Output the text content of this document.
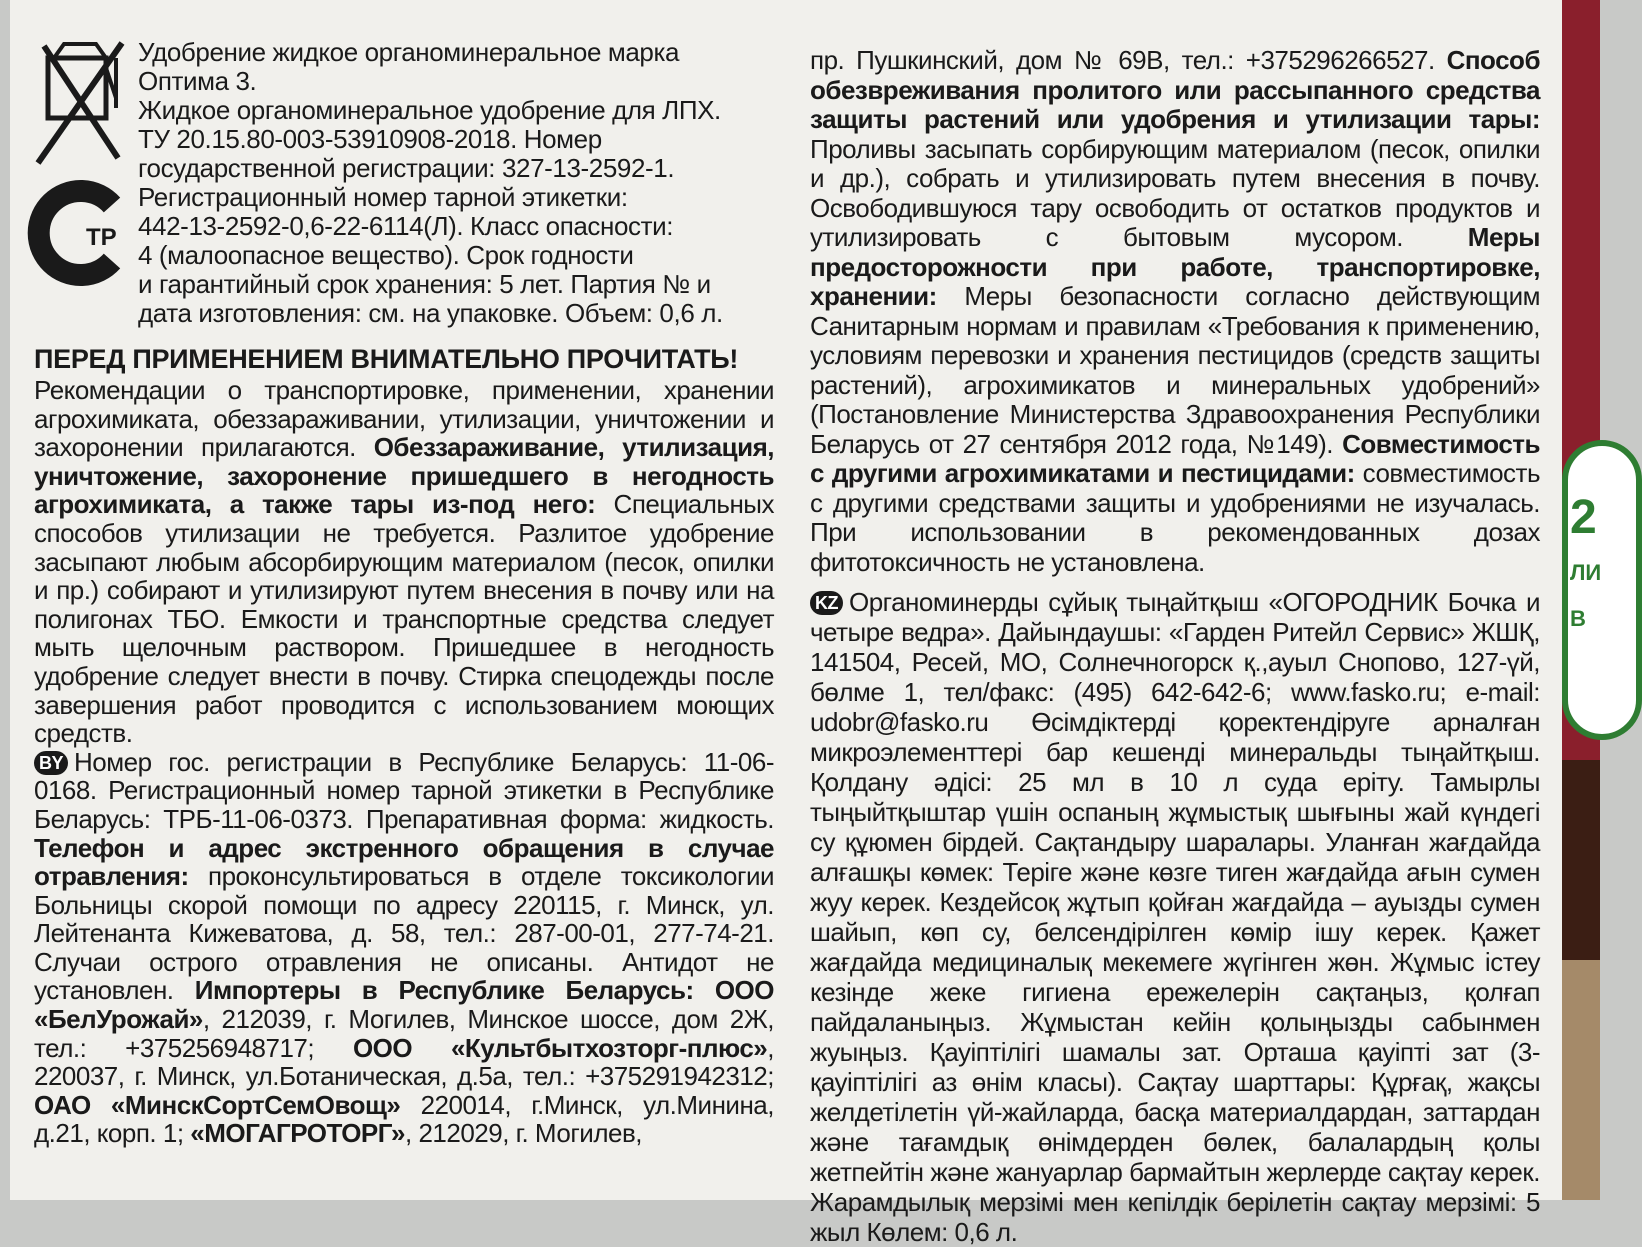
ТР

Удобрение жидкое органоминеральное марка Оптима 3.

Жидкое органоминеральное удобрение для ЛПХ.

ТУ 20.15.80-003-53910908-2018. Номер

государственной регистрации: 327-13-2592-1.

Регистрационный номер тарной этикетки:

442-13-2592-0,6-22-6114(Л). Класс опасности:

4 (малоопасное вещество). Срок годности

и гарантийный срок хранения: 5 лет. Партия № и

дата изготовления: см. на упаковке. Объем: 0,6 л.

ПЕРЕД ПРИМЕНЕНИЕМ ВНИМАТЕЛЬНО ПРОЧИТАТЬ!

Рекомендации о транспортировке, применении, хранении агрохимиката, обеззараживании, утилизации, уничтожении и захоронении прилагаются. Обеззараживание, утилизация, уничтожение, захоронение пришедшего в негодность агрохимиката, а также тары из-под него: Специальных способов утилизации не требуется. Разлитое удобрение засыпают любым абсорбирующим материалом (песок, опилки и пр.) собирают и утилизируют путем внесения в почву или на полигонах ТБО. Емкости и транспортные средства следует мыть щелочным раствором. Пришедшее в негодность удобрение следует внести в почву. Стирка спецодежды после завершения работ проводится с использованием моющих средств.

BY Номер гос. регистрации в Республике Беларусь: 11-06-0168. Регистрационный номер тарной этикетки в Республике Беларусь: ТРБ-11-06-0373. Препаративная форма: жидкость. Телефон и адрес экстренного обращения в случае отравления: проконсультироваться в отделе токсикологии Больницы скорой помощи по адресу 220115, г. Минск, ул. Лейтенанта Кижеватова, д. 58, тел.: 287-00-01, 277-74-21. Случаи острого отравления не описаны. Антидот не установлен. Импортеры в Республике Беларусь: ООО «БелУрожай», 212039, г. Могилев, Минское шоссе, дом 2Ж, тел.: +375256948717; ООО «Культбытхозторг-плюс», 220037, г. Минск, ул.Ботаническая, д.5а, тел.: +375291942312; ОАО «МинскСортСемОвощ» 220014, г.Минск, ул.Минина, д.21, корп. 1; «МОГАГРОТОРГ», 212029, г. Могилев,

пр. Пушкинский, дом № 69В, тел.: +375296266527. Способ обезвреживания пролитого или рассыпанного средства защиты растений или удобрения и утилизации тары: Проливы засыпать сорбирующим материалом (песок, опилки и др.), собрать и утилизировать путем внесения в почву. Освободившуюся тару освободить от остатков продуктов и утилизировать с бытовым мусором. Меры предосторожности при работе, транспортировке, хранении: Меры безопасности согласно действующим Санитарным нормам и правилам «Требования к применению, условиям перевозки и хранения пестицидов (средств защиты растений), агрохимикатов и минеральных удобрений» (Постановление Министерства Здравоохранения Республики Беларусь от 27 сентября 2012 года, №149). Совместимость с другими агрохимикатами и пестицидами: совместимость с другими средствами защиты и удобрениями не изучалась. При использовании в рекомендованных дозах фитотоксичность не установлена.

KZ Органоминерды сұйық тыңайтқыш «ОГОРОДНИК Бочка и четыре ведра». Дайындаушы: «Гарден Ритейл Сервис» ЖШҚ, 141504, Ресей, МО, Солнечногорск қ.,ауыл Снопово, 127-үй, бөлме 1, тел/факс: (495) 642-642-6; www.fasko.ru; e-mail: udobr@fasko.ru Өсімдіктерді қоректендіруге арналған микроэлементтері бар кешенді минеральды тыңайтқыш. Қолдану әдісі: 25 мл в 10 л суда еріту. Тамырлы тыңыйтқыштар үшін оспаның жұмыстық шығыны жай күндегі су құюмен бірдей. Сақтандыру шаралары. Уланған жағдайда алғашқы көмек: Теріге және көзге тиген жағдайда ағын сумен жуу керек. Кездейсоқ жұтып қойған жағдайда – ауызды сумен шайып, көп су, белсендірілген көмір ішу керек. Қажет жағдайда медициналық мекемеге жүгінген жөн. Жұмыс істеу кезінде жеке гигиена ережелерін сақтаңыз, қолғап пайдаланыңыз. Жұмыстан кейін қолыңызды сабынмен жуыңыз. Қауіптілігі шамалы зат. Орташа қауіпті зат (3-қауіптілігі аз өнім класы). Сақтау шарттары: Құрғақ, жақсы желдетілетін үй-жайларда, басқа материалдардан, заттардан және тағамдық өнімдерден бөлек, балалардың қолы жетпейтін және жануарлар бармайтын жерлерде сақтау керек. Жарамдылық мерзімі мен кепілдік берілетін сақтау мерзімі: 5 жыл Көлем: 0,6 л.

2
ЛИ
В
